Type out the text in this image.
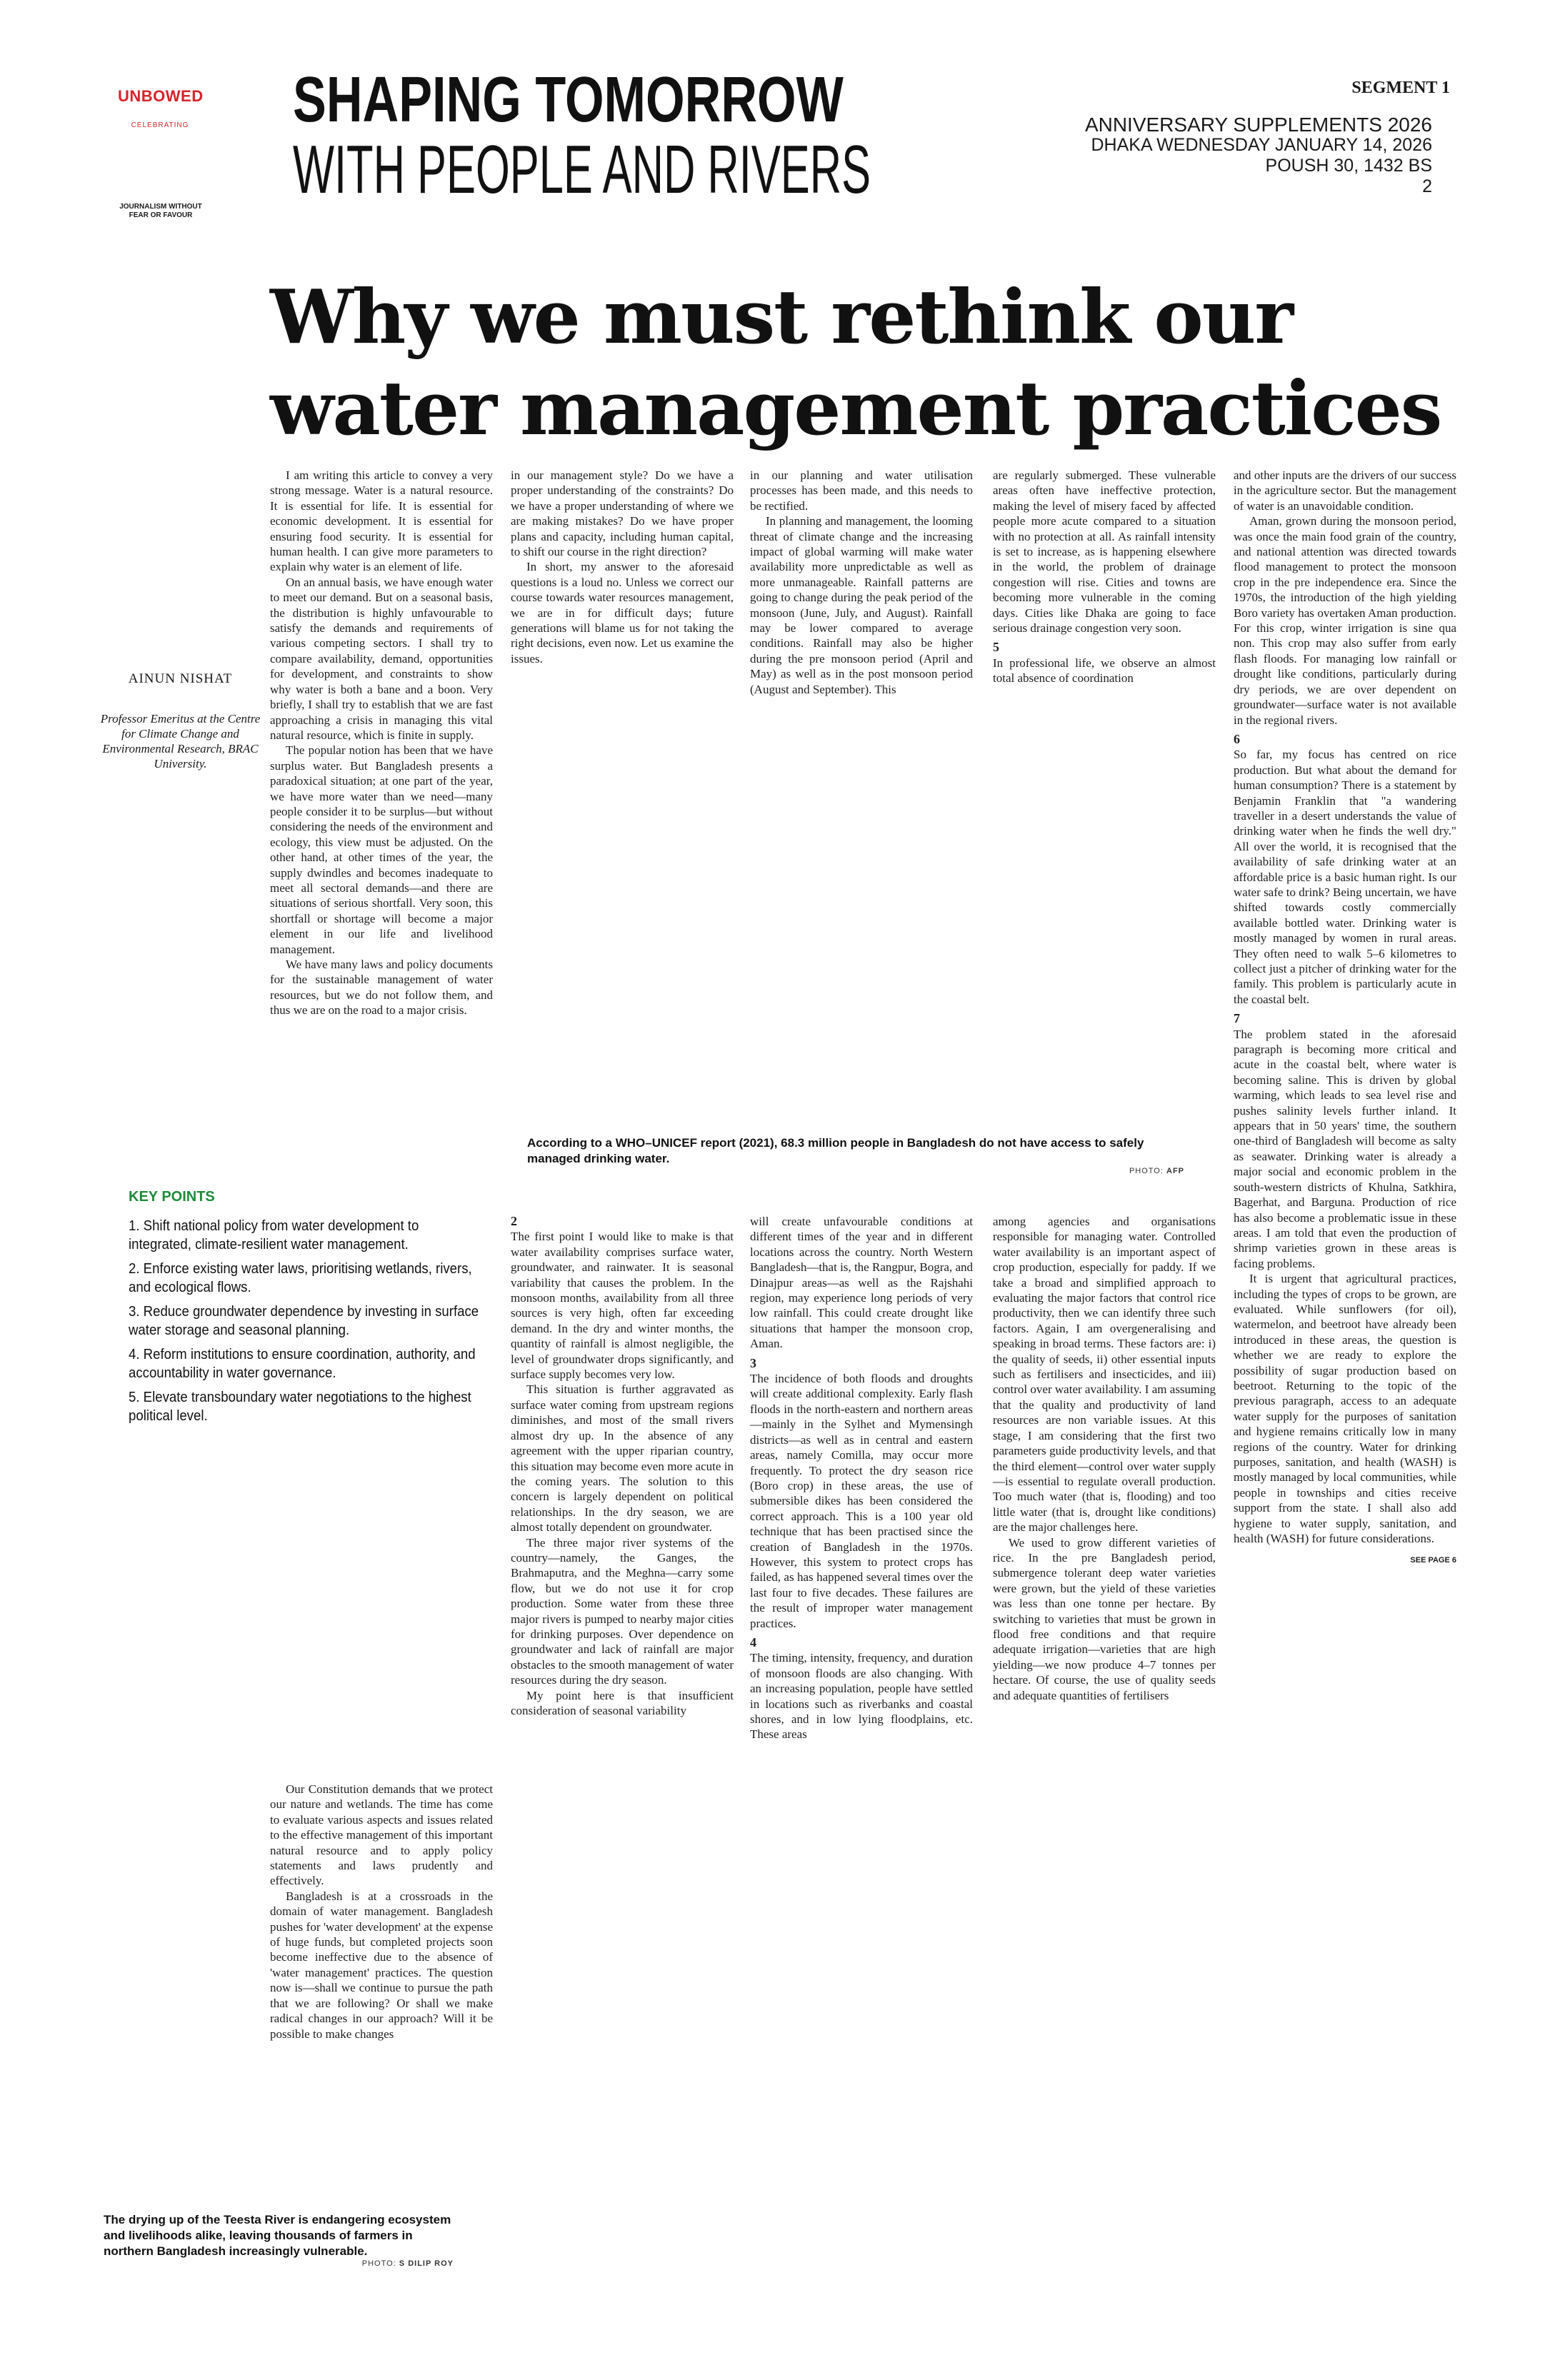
UNBOWED
CELEBRATING
JOURNALISM WITHOUT
FEAR OR FAVOUR
SHAPING TOMORROW
WITH PEOPLE AND RIVERS
SEGMENT 1
ANNIVERSARY SUPPLEMENTS 2026
DHAKA WEDNESDAY JANUARY 14, 2026
POUSH 30, 1432 BS
2
Why we must rethink our
water management practices
AINUN NISHAT
Professor Emeritus at the Centre for Climate Change and Environmental Research, BRAC University.

I am writing this article to convey a very strong message. Water is a natural resource. It is essential for life. It is essential for economic development. It is essential for ensuring food security. It is essential for human health. I can give more parameters to explain why water is an element of life.

On an annual basis, we have enough water to meet our demand. But on a seasonal basis, the distribution is highly unfavourable to satisfy the demands and requirements of various competing sectors. I shall try to compare availability, demand, opportunities for development, and constraints to show why water is both a bane and a boon. Very briefly, I shall try to establish that we are fast approaching a crisis in managing this vital natural resource, which is finite in supply.

The popular notion has been that we have surplus water. But Bangladesh presents a paradoxical situation; at one part of the year, we have more water than we need—many people consider it to be surplus—but without considering the needs of the environment and ecology, this view must be adjusted. On the other hand, at other times of the year, the supply dwindles and becomes inadequate to meet all sectoral demands—and there are situations of serious shortfall. Very soon, this shortfall or shortage will become a major element in our life and livelihood management.

We have many laws and policy documents for the sustainable management of water resources, but we do not follow them, and thus we are on the road to a major crisis.

in our management style? Do we have a proper understanding of the constraints? Do we have a proper understanding of where we are making mistakes? Do we have proper plans and capacity, including human capital, to shift our course in the right direction?

In short, my answer to the aforesaid questions is a loud no. Unless we correct our course towards water resources management, we are in for difficult days; future generations will blame us for not taking the right decisions, even now. Let us examine the issues.

in our planning and water utilisation processes has been made, and this needs to be rectified.

In planning and management, the looming threat of climate change and the increasing impact of global warming will make water availability more unpredictable as well as more unmanageable. Rainfall patterns are going to change during the peak period of the monsoon (June, July, and August). Rainfall may be lower compared to average conditions. Rainfall may also be higher during the pre monsoon period (April and May) as well as in the post monsoon period (August and September). This

are regularly submerged. These vulnerable areas often have ineffective protection, making the level of misery faced by affected people more acute compared to a situation with no protection at all. As rainfall intensity is set to increase, as is happening elsewhere in the world, the problem of drainage congestion will rise. Cities and towns are becoming more vulnerable in the coming days. Cities like Dhaka are going to face serious drainage congestion very soon.

5

In professional life, we observe an almost total absence of coordination

and other inputs are the drivers of our success in the agriculture sector. But the management of water is an unavoidable condition.

Aman, grown during the monsoon period, was once the main food grain of the country, and national attention was directed towards flood management to protect the monsoon crop in the pre independence era. Since the 1970s, the introduction of the high yielding Boro variety has overtaken Aman production. For this crop, winter irrigation is sine qua non. This crop may also suffer from early flash floods. For managing low rainfall or drought like conditions, particularly during dry periods, we are over dependent on groundwater—surface water is not available in the regional rivers.

6

So far, my focus has centred on rice production. But what about the demand for human consumption? There is a statement by Benjamin Franklin that "a wandering traveller in a desert understands the value of drinking water when he finds the well dry." All over the world, it is recognised that the availability of safe drinking water at an affordable price is a basic human right. Is our water safe to drink? Being uncertain, we have shifted towards costly commercially available bottled water. Drinking water is mostly managed by women in rural areas. They often need to walk 5–6 kilometres to collect just a pitcher of drinking water for the family. This problem is particularly acute in the coastal belt.

7

The problem stated in the aforesaid paragraph is becoming more critical and acute in the coastal belt, where water is becoming saline. This is driven by global warming, which leads to sea level rise and pushes salinity levels further inland. It appears that in 50 years' time, the southern one-third of Bangladesh will become as salty as seawater. Drinking water is already a major social and economic problem in the south-western districts of Khulna, Satkhira, Bagerhat, and Barguna. Production of rice has also become a problematic issue in these areas. I am told that even the production of shrimp varieties grown in these areas is facing problems.

It is urgent that agricultural practices, including the types of crops to be grown, are evaluated. While sunflowers (for oil), watermelon, and beetroot have already been introduced in these areas, the question is whether we are ready to explore the possibility of sugar production based on beetroot. Returning to the topic of the previous paragraph, access to an adequate water supply for the purposes of sanitation and hygiene remains critically low in many regions of the country. Water for drinking purposes, sanitation, and health (WASH) is mostly managed by local communities, while people in townships and cities receive support from the state. I shall also add hygiene to water supply, sanitation, and health (WASH) for future considerations.

SEE PAGE 6

According to a WHO–UNICEF report (2021), 68.3 million people in Bangladesh do not have access to safely managed drinking water.
PHOTO: AFP
KEY POINTS
1. Shift national policy from water development to integrated, climate-resilient water management.
2. Enforce existing water laws, prioritising wetlands, rivers, and ecological flows.
3. Reduce groundwater dependence by investing in surface water storage and seasonal planning.
4. Reform institutions to ensure coordination, authority, and accountability in water governance.
5. Elevate transboundary water negotiations to the highest political level.

2

The first point I would like to make is that water availability comprises surface water, groundwater, and rainwater. It is seasonal variability that causes the problem. In the monsoon months, availability from all three sources is very high, often far exceeding demand. In the dry and winter months, the quantity of rainfall is almost negligible, the level of groundwater drops significantly, and surface supply becomes very low.

This situation is further aggravated as surface water coming from upstream regions diminishes, and most of the small rivers almost dry up. In the absence of any agreement with the upper riparian country, this situation may become even more acute in the coming years. The solution to this concern is largely dependent on political relationships. In the dry season, we are almost totally dependent on groundwater.

The three major river systems of the country—namely, the Ganges, the Brahmaputra, and the Meghna—carry some flow, but we do not use it for crop production. Some water from these three major rivers is pumped to nearby major cities for drinking purposes. Over dependence on groundwater and lack of rainfall are major obstacles to the smooth management of water resources during the dry season.

My point here is that insufficient consideration of seasonal variability

will create unfavourable conditions at different times of the year and in different locations across the country. North Western Bangladesh—that is, the Rangpur, Bogra, and Dinajpur areas—as well as the Rajshahi region, may experience long periods of very low rainfall. This could create drought like situations that hamper the monsoon crop, Aman.

3

The incidence of both floods and droughts will create additional complexity. Early flash floods in the north-eastern and northern areas—mainly in the Sylhet and Mymensingh districts—as well as in central and eastern areas, namely Comilla, may occur more frequently. To protect the dry season rice (Boro crop) in these areas, the use of submersible dikes has been considered the correct approach. This is a 100 year old technique that has been practised since the creation of Bangladesh in the 1970s. However, this system to protect crops has failed, as has happened several times over the last four to five decades. These failures are the result of improper water management practices.

4

The timing, intensity, frequency, and duration of monsoon floods are also changing. With an increasing population, people have settled in locations such as riverbanks and coastal shores, and in low lying floodplains, etc. These areas

among agencies and organisations responsible for managing water. Controlled water availability is an important aspect of crop production, especially for paddy. If we take a broad and simplified approach to evaluating the major factors that control rice productivity, then we can identify three such factors. Again, I am overgeneralising and speaking in broad terms. These factors are: i) the quality of seeds, ii) other essential inputs such as fertilisers and insecticides, and iii) control over water availability. I am assuming that the quality and productivity of land resources are non variable issues. At this stage, I am considering that the first two parameters guide productivity levels, and that the third element—control over water supply—is essential to regulate overall production. Too much water (that is, flooding) and too little water (that is, drought like conditions) are the major challenges here.

We used to grow different varieties of rice. In the pre Bangladesh period, submergence tolerant deep water varieties were grown, but the yield of these varieties was less than one tonne per hectare. By switching to varieties that must be grown in flood free conditions and that require adequate irrigation—varieties that are high yielding—we now produce 4–7 tonnes per hectare. Of course, the use of quality seeds and adequate quantities of fertilisers

Our Constitution demands that we protect our nature and wetlands. The time has come to evaluate various aspects and issues related to the effective management of this important natural resource and to apply policy statements and laws prudently and effectively.

Bangladesh is at a crossroads in the domain of water management. Bangladesh pushes for 'water development' at the expense of huge funds, but completed projects soon become ineffective due to the absence of 'water management' practices. The question now is—shall we continue to pursue the path that we are following? Or shall we make radical changes in our approach? Will it be possible to make changes

The drying up of the Teesta River is endangering ecosystem and livelihoods alike, leaving thousands of farmers in northern Bangladesh increasingly vulnerable.
PHOTO: S DILIP ROY
